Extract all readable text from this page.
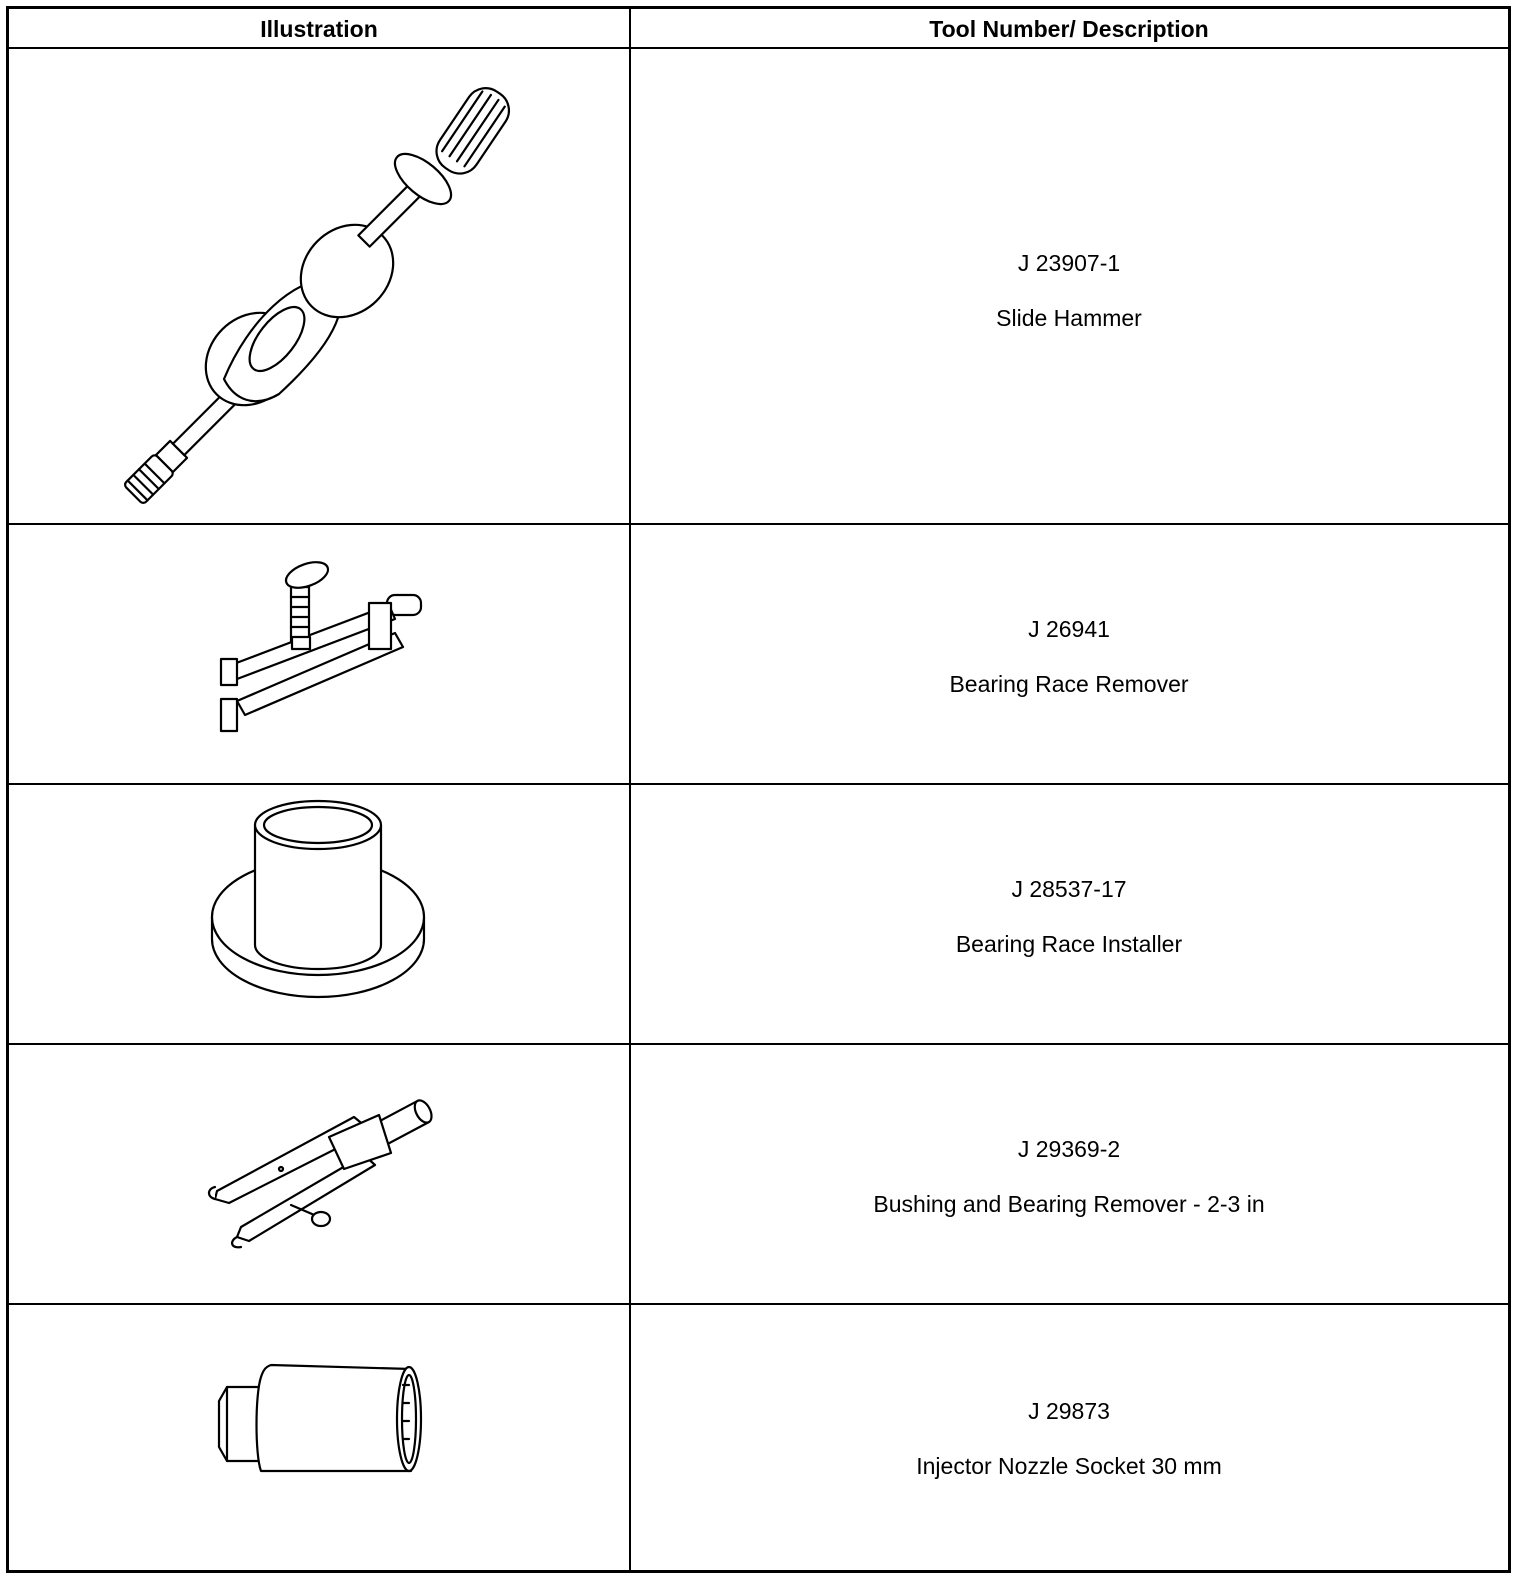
Illustration	Tool Number/ Description
J 23907-1
Slide Hammer
J 26941
Bearing Race Remover
J 28537-17
Bearing Race Installer
J 29369-2
Bushing and Bearing Remover - 2-3 in
J 29873
Injector Nozzle Socket 30 mm
